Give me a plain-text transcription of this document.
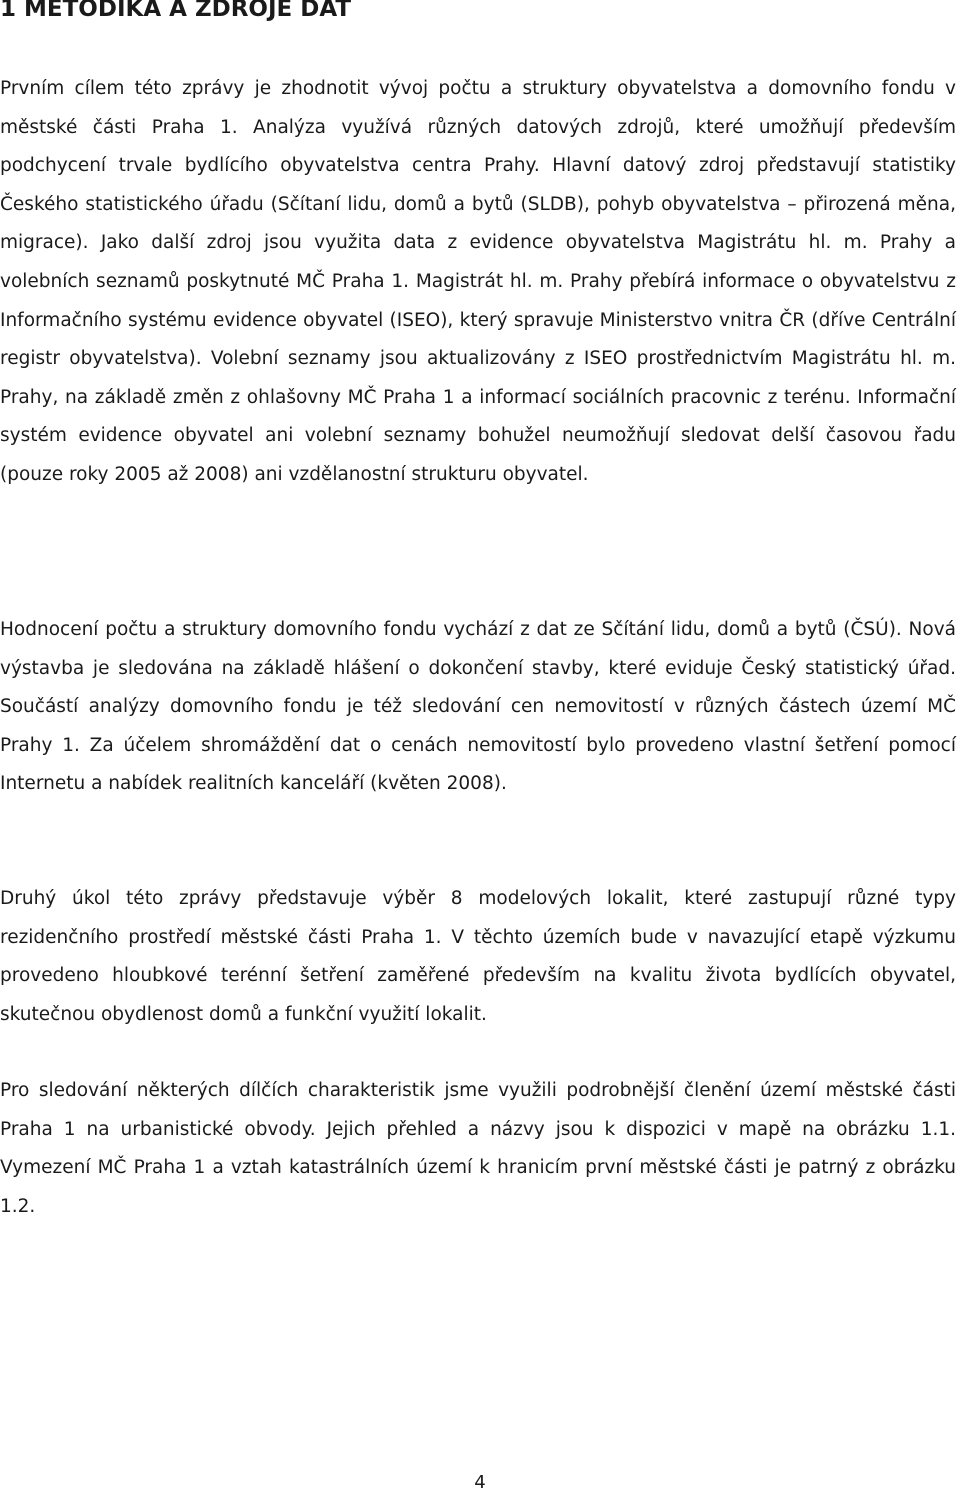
1 METODIKA A ZDROJE DAT

Prvním cílem této zprávy je zhodnotit vývoj počtu a struktury obyvatelstva a domovního fondu v městské části Praha 1. Analýza využívá různých datových zdrojů, které umožňují především podchycení trvale bydlícího obyvatelstva centra Prahy. Hlavní datový zdroj představují statistiky Českého statistického úřadu (Sčítaní lidu, domů a bytů (SLDB), pohyb obyvatelstva – přirozená měna, migrace). Jako další zdroj jsou využita data z evidence obyvatelstva Magistrátu hl. m. Prahy a volebních seznamů poskytnuté MČ Praha 1. Magistrát hl. m. Prahy přebírá informace o obyvatelstvu z Informačního systému evidence obyvatel (ISEO), který spravuje Ministerstvo vnitra ČR (dříve Centrální registr obyvatelstva). Volební seznamy jsou aktualizovány z ISEO prostřednictvím Magistrátu hl. m. Prahy, na základě změn z ohlašovny MČ Praha 1 a informací sociálních pracovnic z terénu. Informační systém evidence obyvatel ani volební seznamy bohužel neumožňují sledovat delší časovou řadu (pouze roky 2005 až 2008) ani vzdělanostní strukturu obyvatel.

Hodnocení počtu a struktury domovního fondu vychází z dat ze Sčítání lidu, domů a bytů (ČSÚ). Nová výstavba je sledována na základě hlášení o dokončení stavby, které eviduje Český statistický úřad. Součástí analýzy domovního fondu je též sledování cen nemovitostí v různých částech území MČ Prahy 1. Za účelem shromáždění dat o cenách nemovitostí bylo provedeno vlastní šetření pomocí Internetu a nabídek realitních kanceláří (květen 2008).

Druhý úkol této zprávy představuje výběr 8 modelových lokalit, které zastupují různé typy rezidenčního prostředí městské části Praha 1. V těchto územích bude v navazující etapě výzkumu provedeno hloubkové terénní šetření zaměřené především na kvalitu života bydlících obyvatel, skutečnou obydlenost domů a funkční využití lokalit.

Pro sledování některých dílčích charakteristik jsme využili podrobnější členění území městské části Praha 1 na urbanistické obvody. Jejich přehled a názvy jsou k dispozici v mapě na obrázku 1.1. Vymezení MČ Praha 1 a vztah katastrálních území k hranicím první městské části je patrný z obrázku 1.2.

4
